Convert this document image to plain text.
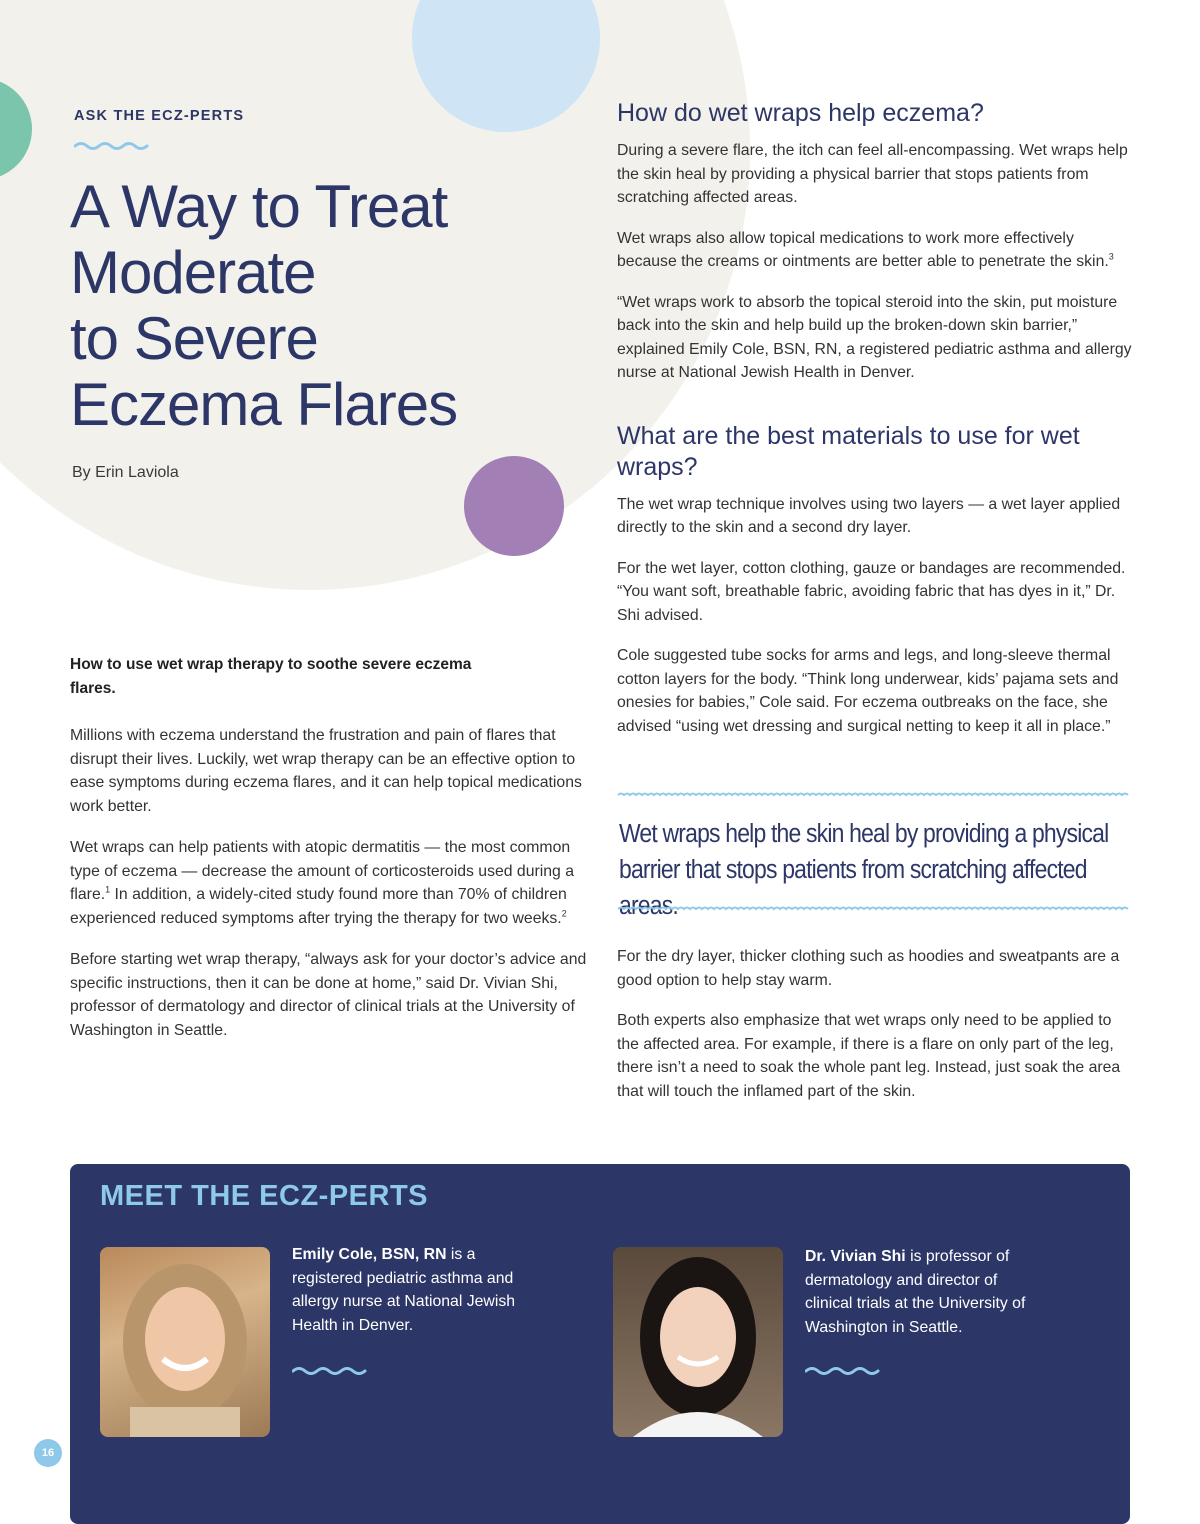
ASK THE ECZ-PERTS
A Way to Treat
Moderate
to Severe
Eczema Flares
By Erin Laviola

How to use wet wrap therapy to soothe severe eczema flares.

Millions with eczema understand the frustration and pain of flares that disrupt their lives. Luckily, wet wrap therapy can be an effective option to ease symptoms during eczema flares, and it can help topical medications work better.

Wet wraps can help patients with atopic dermatitis — the most common type of eczema — decrease the amount of corticosteroids used during a flare.$^1$ In addition, a widely-cited study found more than 70% of children experienced reduced symptoms after trying the therapy for two weeks.$^2$

Before starting wet wrap therapy, “always ask for your doctor’s advice and specific instructions, then it can be done at home,” said Dr. Vivian Shi, professor of dermatology and director of clinical trials at the University of Washington in Seattle.

How do wet wraps help eczema?

During a severe flare, the itch can feel all-encompassing. Wet wraps help the skin heal by providing a physical barrier that stops patients from scratching affected areas.

Wet wraps also allow topical medications to work more effectively because the creams or ointments are better able to penetrate the skin.$^3$

“Wet wraps work to absorb the topical steroid into the skin, put moisture back into the skin and help build up the broken-down skin barrier,” explained Emily Cole, BSN, RN, a registered pediatric asthma and allergy nurse at National Jewish Health in Denver.

What are the best materials to use for wet wraps?

The wet wrap technique involves using two layers — a wet layer applied directly to the skin and a second dry layer.

For the wet layer, cotton clothing, gauze or bandages are recommended. “You want soft, breathable fabric, avoiding fabric that has dyes in it,” Dr. Shi advised.

Cole suggested tube socks for arms and legs, and long-sleeve thermal cotton layers for the body. “Think long underwear, kids’ pajama sets and onesies for babies,” Cole said. For eczema outbreaks on the face, she advised “using wet dressing and surgical netting to keep it all in place.”

Wet wraps help the skin heal by providing a physical barrier that stops patients from scratching affected areas.

For the dry layer, thicker clothing such as hoodies and sweatpants are a good option to help stay warm.

Both experts also emphasize that wet wraps only need to be applied to the affected area. For example, if there is a flare on only part of the leg, there isn’t a need to soak the whole pant leg. Instead, just soak the area that will touch the inflamed part of the skin.

MEET THE ECZ-PERTS

Emily Cole, BSN, RN is a registered pediatric asthma and allergy nurse at National Jewish Health in Denver.

Dr. Vivian Shi is professor of dermatology and director of clinical trials at the University of Washington in Seattle.

16
